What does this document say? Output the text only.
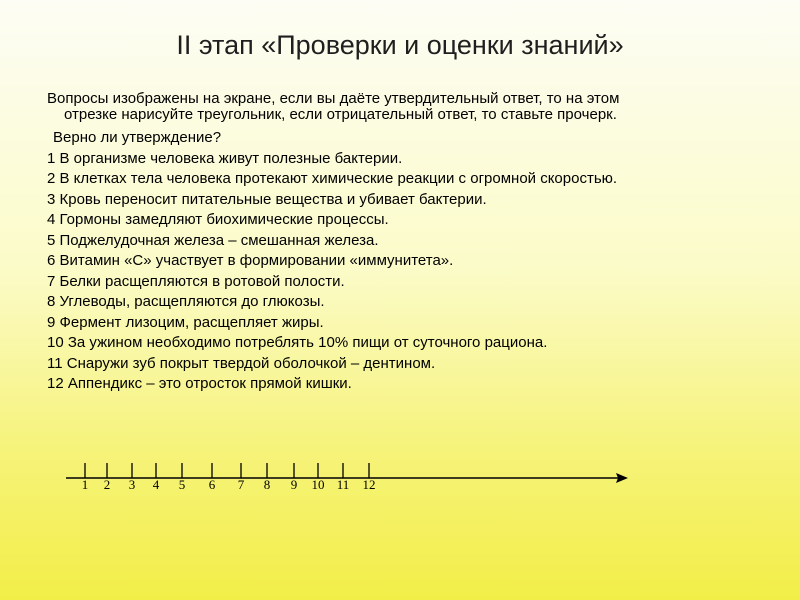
II этап «Проверки и оценки знаний»
Вопросы изображены на экране, если вы даёте утвердительный ответ, то на этом
отрезке нарисуйте треугольник, если отрицательный ответ, то ставьте прочерк.
Верно ли утверждение?
1 В организме человека живут полезные бактерии.
2 В клетках тела человека протекают химические реакции с огромной скоростью.
3 Кровь переносит питательные вещества и убивает бактерии.
4 Гормоны замедляют биохимические процессы.
5 Поджелудочная железа – смешанная железа.
6 Витамин «С» участвует в формировании «иммунитета».
7 Белки расщепляются в ротовой полости.
8 Углеводы, расщепляются до глюкозы.
9 Фермент лизоцим, расщепляет жиры.
10 За ужином необходимо потреблять 10% пищи от суточного рациона.
11 Снаружи зуб покрыт твердой оболочкой – дентином.
12 Аппендикс – это отросток прямой кишки.
1 2 3 4 5 6 7 8 9 10 11 12
